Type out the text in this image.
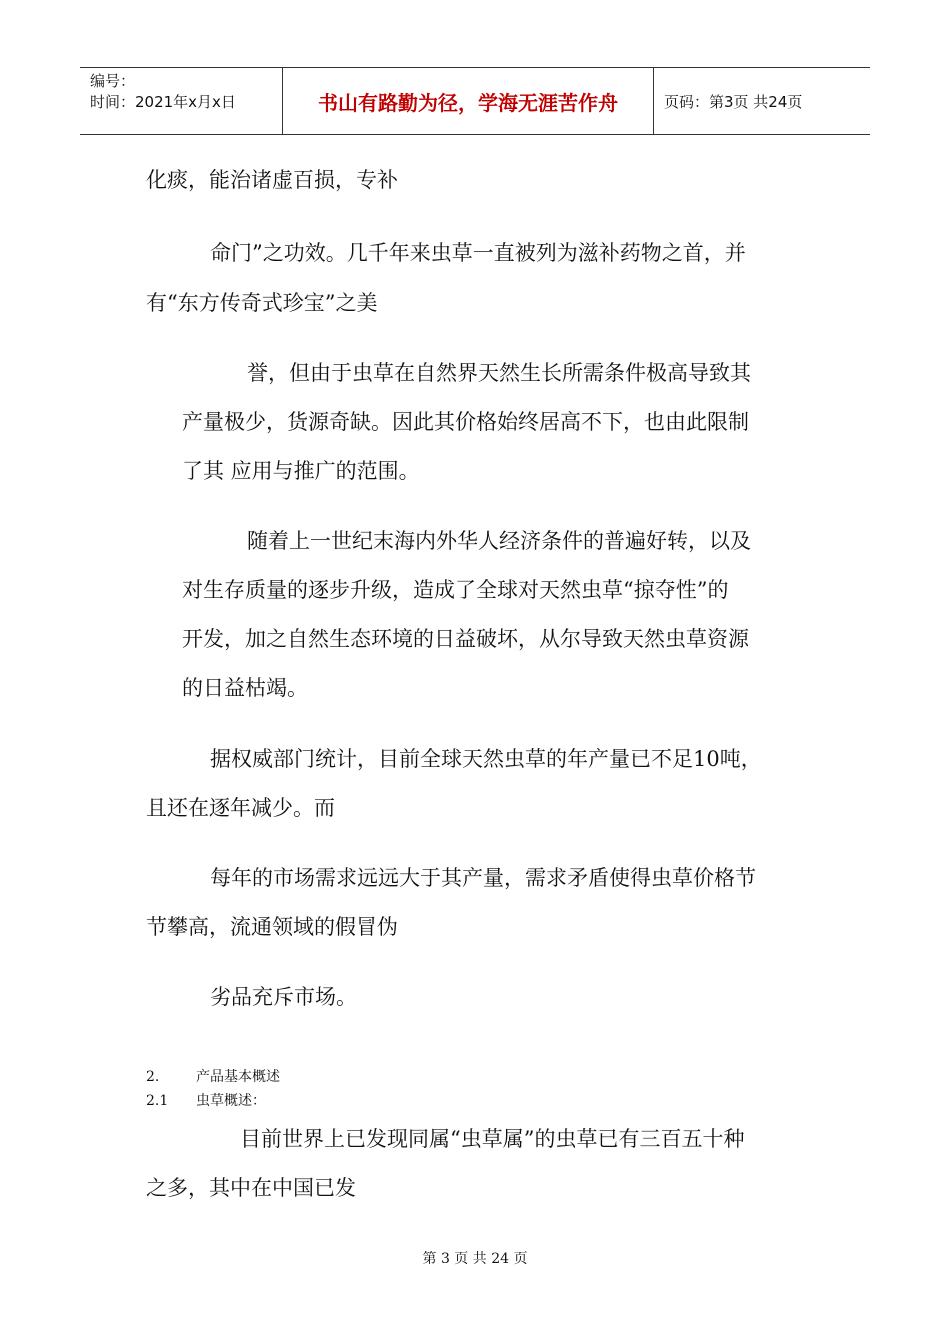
编号：
时间：2021年x月x日	书山有路勤为径，学海无涯苦作舟	页码：第3页 共24页

化痰，能治诸虚百损，专补

命门”之功效。几千年来虫草一直被列为滋补药物之首，并

有“东方传奇式珍宝”之美

誉，但由于虫草在自然界天然生长所需条件极高导致其

产量极少，货源奇缺。因此其价格始终居高不下，也由此限制

了其 应用与推广的范围。

随着上一世纪末海内外华人经济条件的普遍好转，以及

对生存质量的逐步升级，造成了全球对天然虫草“掠夺性”的

开发，加之自然生态环境的日益破坏，从尔导致天然虫草资源

的日益枯竭。

据权威部门统计，目前全球天然虫草的年产量已不足10吨，

且还在逐年减少。而

每年的市场需求远远大于其产量，需求矛盾使得虫草价格节

节攀高，流通领域的假冒伪

劣品充斥市场。

2.	产品基本概述

2.1 虫草概述：

目前世界上已发现同属“虫草属”的虫草已有三百五十种

之多，其中在中国已发

第 3 页 共 24 页
